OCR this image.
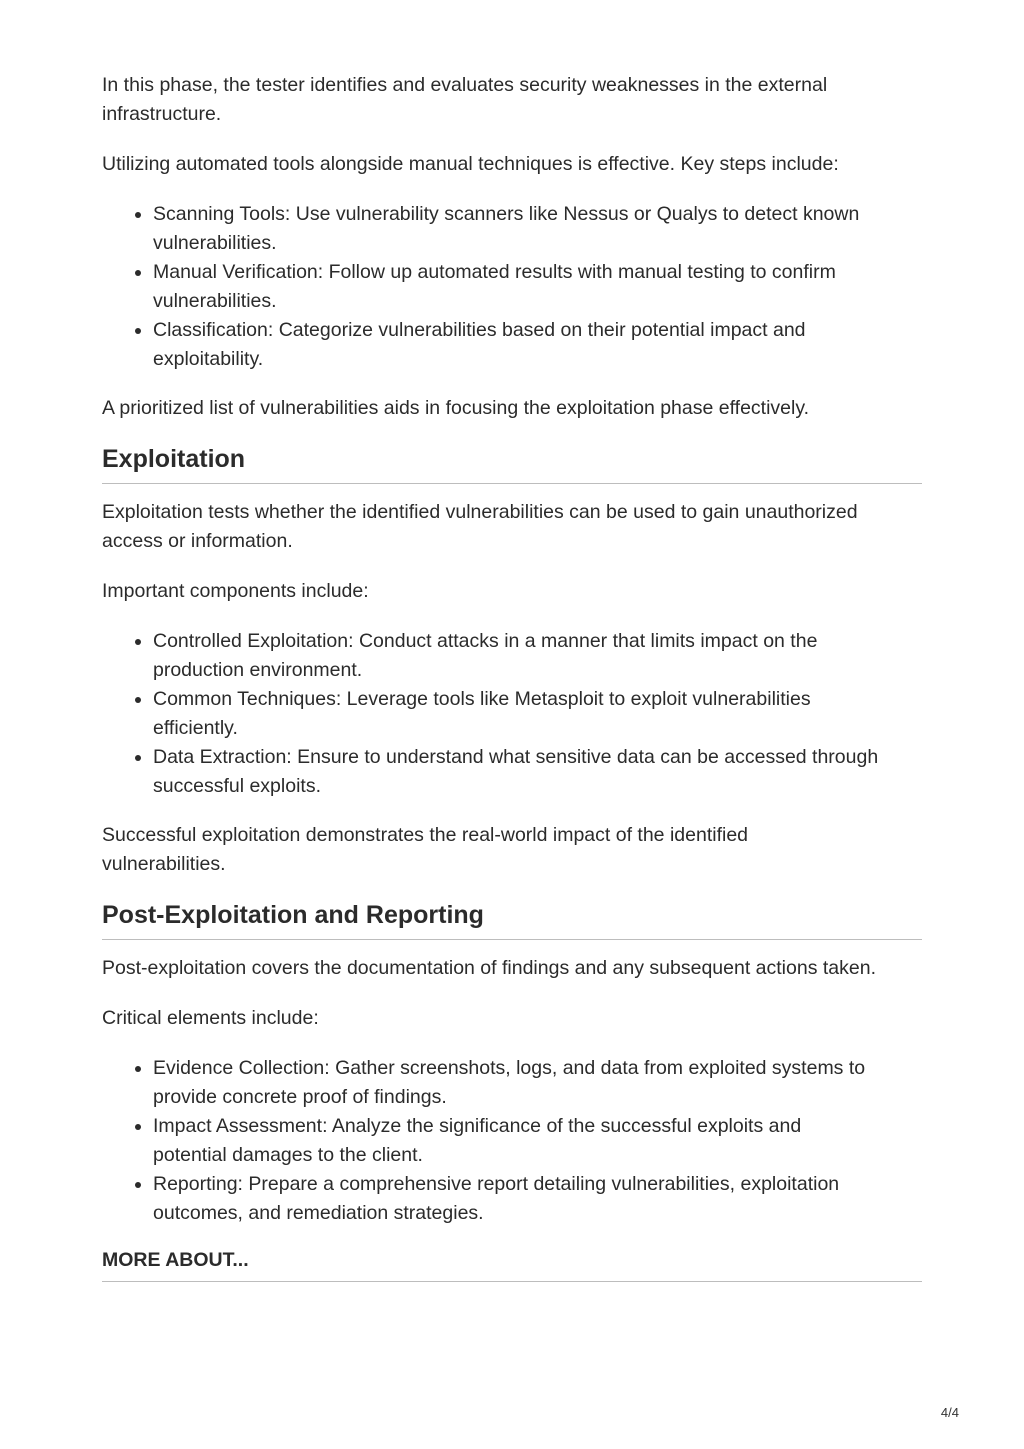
In this phase, the tester identifies and evaluates security weaknesses in the external infrastructure.

Utilizing automated tools alongside manual techniques is effective. Key steps include:

• Scanning Tools: Use vulnerability scanners like Nessus or Qualys to detect known vulnerabilities.
• Manual Verification: Follow up automated results with manual testing to confirm vulnerabilities.
• Classification: Categorize vulnerabilities based on their potential impact and exploitability.

A prioritized list of vulnerabilities aids in focusing the exploitation phase effectively.

Exploitation

Exploitation tests whether the identified vulnerabilities can be used to gain unauthorized access or information.

Important components include:

• Controlled Exploitation: Conduct attacks in a manner that limits impact on the production environment.
• Common Techniques: Leverage tools like Metasploit to exploit vulnerabilities efficiently.
• Data Extraction: Ensure to understand what sensitive data can be accessed through successful exploits.

Successful exploitation demonstrates the real-world impact of the identified vulnerabilities.

Post-Exploitation and Reporting

Post-exploitation covers the documentation of findings and any subsequent actions taken.

Critical elements include:

• Evidence Collection: Gather screenshots, logs, and data from exploited systems to provide concrete proof of findings.
• Impact Assessment: Analyze the significance of the successful exploits and potential damages to the client.
• Reporting: Prepare a comprehensive report detailing vulnerabilities, exploitation outcomes, and remediation strategies.
MORE ABOUT...
4/4
